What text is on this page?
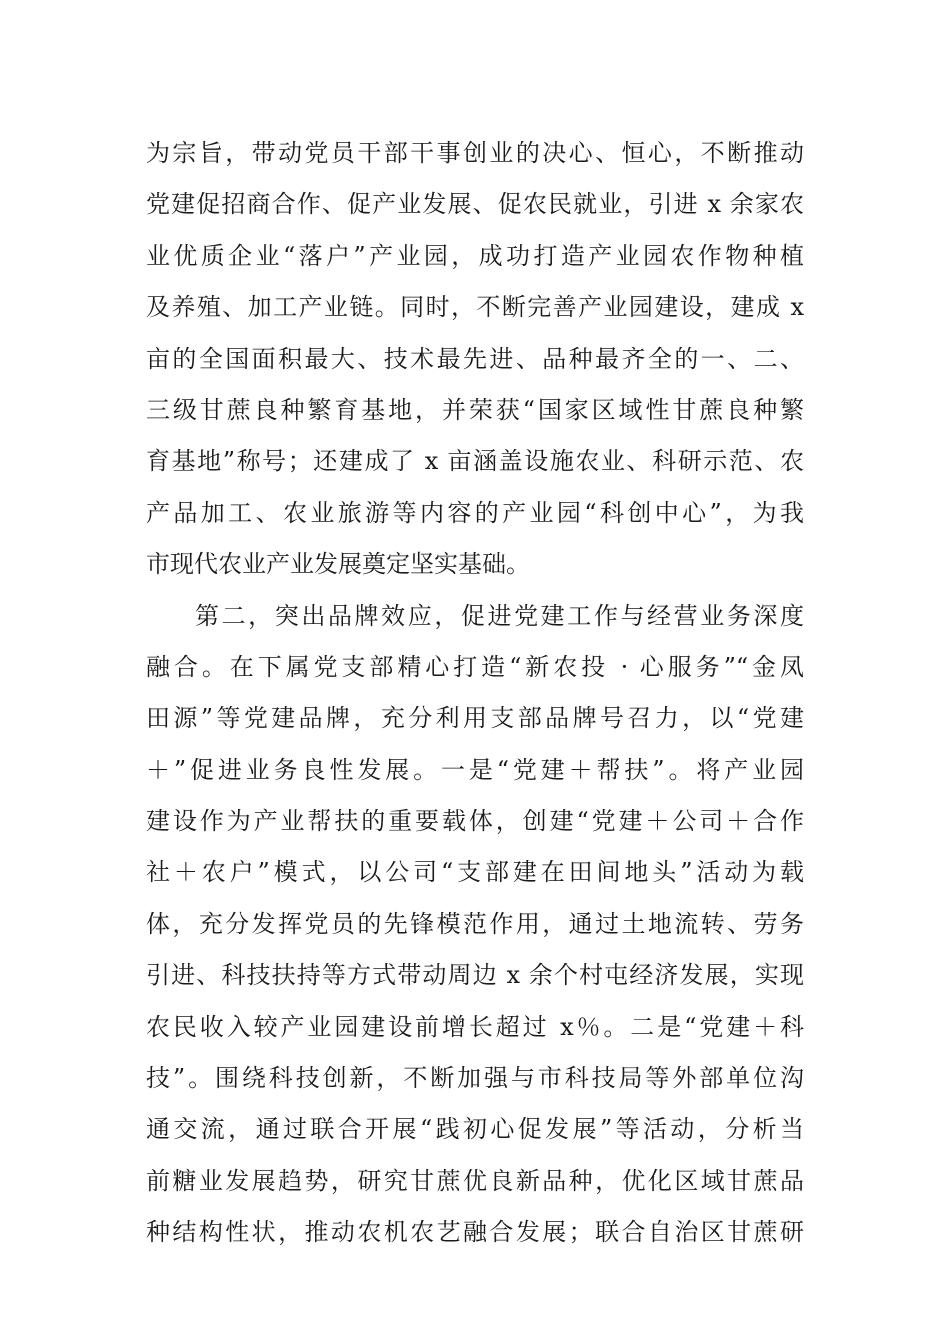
为宗旨，带动党员干部干事创业的决心、恒心，不断推动
党建促招商合作、促产业发展、促农民就业，引进 x 余家农
业优质企业“落户”产业园，成功打造产业园农作物种植
及养殖、加工产业链。同时，不断完善产业园建设，建成 x
亩的全国面积最大、技术最先进、品种最齐全的一、二、
三级甘蔗良种繁育基地，并荣获“国家区域性甘蔗良种繁
育基地”称号；还建成了 x 亩涵盖设施农业、科研示范、农
产品加工、农业旅游等内容的产业园“科创中心”，为我
市现代农业产业发展奠定坚实基础。
第二，突出品牌效应，促进党建工作与经营业务深度
融合。在下属党支部精心打造“新农投 · 心服务”“金凤
田源”等党建品牌，充分利用支部品牌号召力，以“党建
＋”促进业务良性发展。一是“党建＋帮扶”。将产业园
建设作为产业帮扶的重要载体，创建“党建＋公司＋合作
社＋农户”模式，以公司“支部建在田间地头”活动为载
体，充分发挥党员的先锋模范作用，通过土地流转、劳务
引进、科技扶持等方式带动周边 x 余个村屯经济发展，实现
农民收入较产业园建设前增长超过 x％。二是“党建＋科
技”。围绕科技创新，不断加强与市科技局等外部单位沟
通交流，通过联合开展“践初心促发展”等活动，分析当
前糖业发展趋势，研究甘蔗优良新品种，优化区域甘蔗品
种结构性状，推动农机农艺融合发展；联合自治区甘蔗研
